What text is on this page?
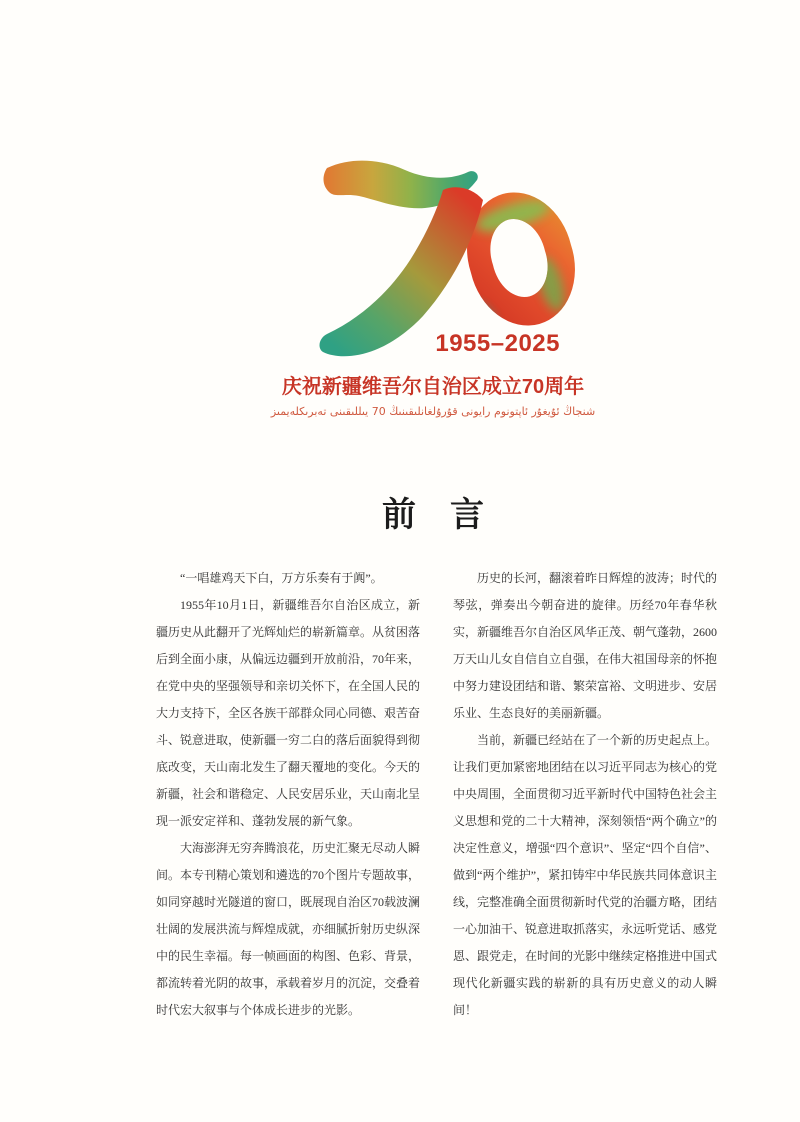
1955–2025
庆祝新疆维吾尔自治区成立70周年
شنجاڭ ئۇيغۇر ئاپتونوم رايونى قۇرۇلغانلىقىنىڭ 70 يىللىقىنى تەبرىكلەيمىز
前　言

“一唱雄鸡天下白，万方乐奏有于阗”。

1955年10月1日，新疆维吾尔自治区成立，新疆历史从此翻开了光辉灿烂的崭新篇章。从贫困落后到全面小康，从偏远边疆到开放前沿，70年来，在党中央的坚强领导和亲切关怀下，在全国人民的大力支持下，全区各族干部群众同心同德、艰苦奋斗、锐意进取，使新疆一穷二白的落后面貌得到彻底改变，天山南北发生了翻天覆地的变化。今天的新疆，社会和谐稳定、人民安居乐业，天山南北呈现一派安定祥和、蓬勃发展的新气象。

大海澎湃无穷奔腾浪花，历史汇聚无尽动人瞬间。本专刊精心策划和遴选的70个图片专题故事，如同穿越时光隧道的窗口，既展现自治区70载波澜壮阔的发展洪流与辉煌成就，亦细腻折射历史纵深中的民生幸福。每一帧画面的构图、色彩、背景，都流转着光阴的故事，承载着岁月的沉淀，交叠着时代宏大叙事与个体成长进步的光影。

历史的长河，翻滚着昨日辉煌的波涛；时代的琴弦，弹奏出今朝奋进的旋律。历经70年春华秋实，新疆维吾尔自治区风华正茂、朝气蓬勃，2600万天山儿女自信自立自强，在伟大祖国母亲的怀抱中努力建设团结和谐、繁荣富裕、文明进步、安居乐业、生态良好的美丽新疆。

当前，新疆已经站在了一个新的历史起点上。让我们更加紧密地团结在以习近平同志为核心的党中央周围，全面贯彻习近平新时代中国特色社会主义思想和党的二十大精神，深刻领悟“两个确立”的决定性意义，增强“四个意识”、坚定“四个自信”、做到“两个维护”，紧扣铸牢中华民族共同体意识主线，完整准确全面贯彻新时代党的治疆方略，团结一心加油干、锐意进取抓落实，永远听党话、感党恩、跟党走，在时间的光影中继续定格推进中国式现代化新疆实践的崭新的具有历史意义的动人瞬间！
